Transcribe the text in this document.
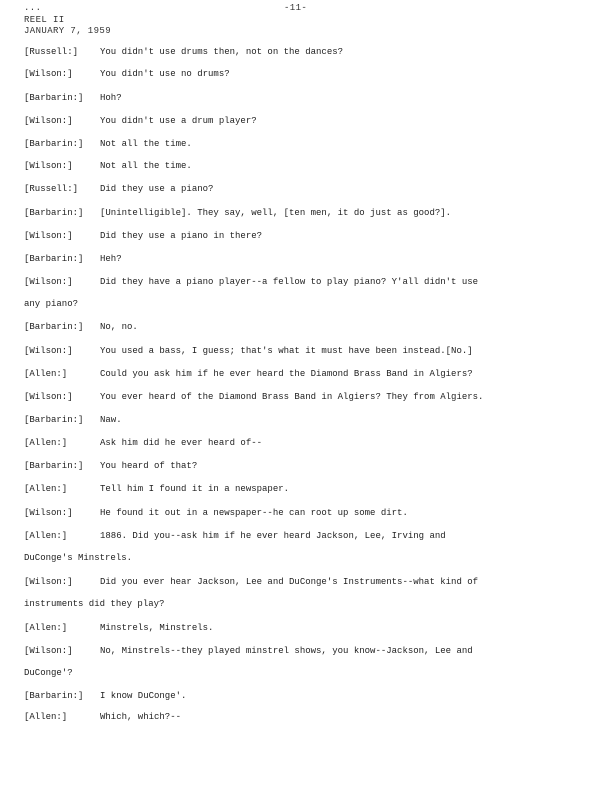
...	-11-
REEL II
JANUARY 7, 1959
[Russell:] You didn't use drums then, not on the dances?
[Wilson:]	You didn't use no drums?
[Barbarin:] Hoh?
[Wilson:]	You didn't use a drum player?
[Barbarin:] Not all the time.
[Wilson:]	Not all the time.
[Russell:] Did they use a piano?
[Barbarin:] [Unintelligible]. They say, well, [ten men, it do just as good?].
[Wilson:]	Did they use a piano in there?
[Barbarin:] Heh?
[Wilson:]	Did they have a piano player--a fellow to play piano? Y'all didn't use
any piano?
[Barbarin:] No, no.
[Wilson:]	You used a bass, I guess; that's what it must have been instead.[No.]
[Allen:]	Could you ask him if he ever heard the Diamond Brass Band in Algiers?
[Wilson:]	You ever heard of the Diamond Brass Band in Algiers? They from Algiers.
[Barbarin:] Naw.
[Allen:]	Ask him did he ever heard of--
[Barbarin:] You heard of that?
[Allen:]	Tell him I found it in a newspaper.
[Wilson:]	He found it out in a newspaper--he can root up some dirt.
[Allen:]	1886. Did you--ask him if he ever heard Jackson, Lee, Irving and
DuConge's Minstrels.
[Wilson:]	Did you ever hear Jackson, Lee and DuConge's Instruments--what kind of
instruments did they play?
[Allen:]	Minstrels, Minstrels.
[Wilson:]	No, Minstrels--they played minstrel shows, you know--Jackson, Lee and
DuConge'?
[Barbarin:] I know DuConge'.
[Allen:]	Which, which?--
